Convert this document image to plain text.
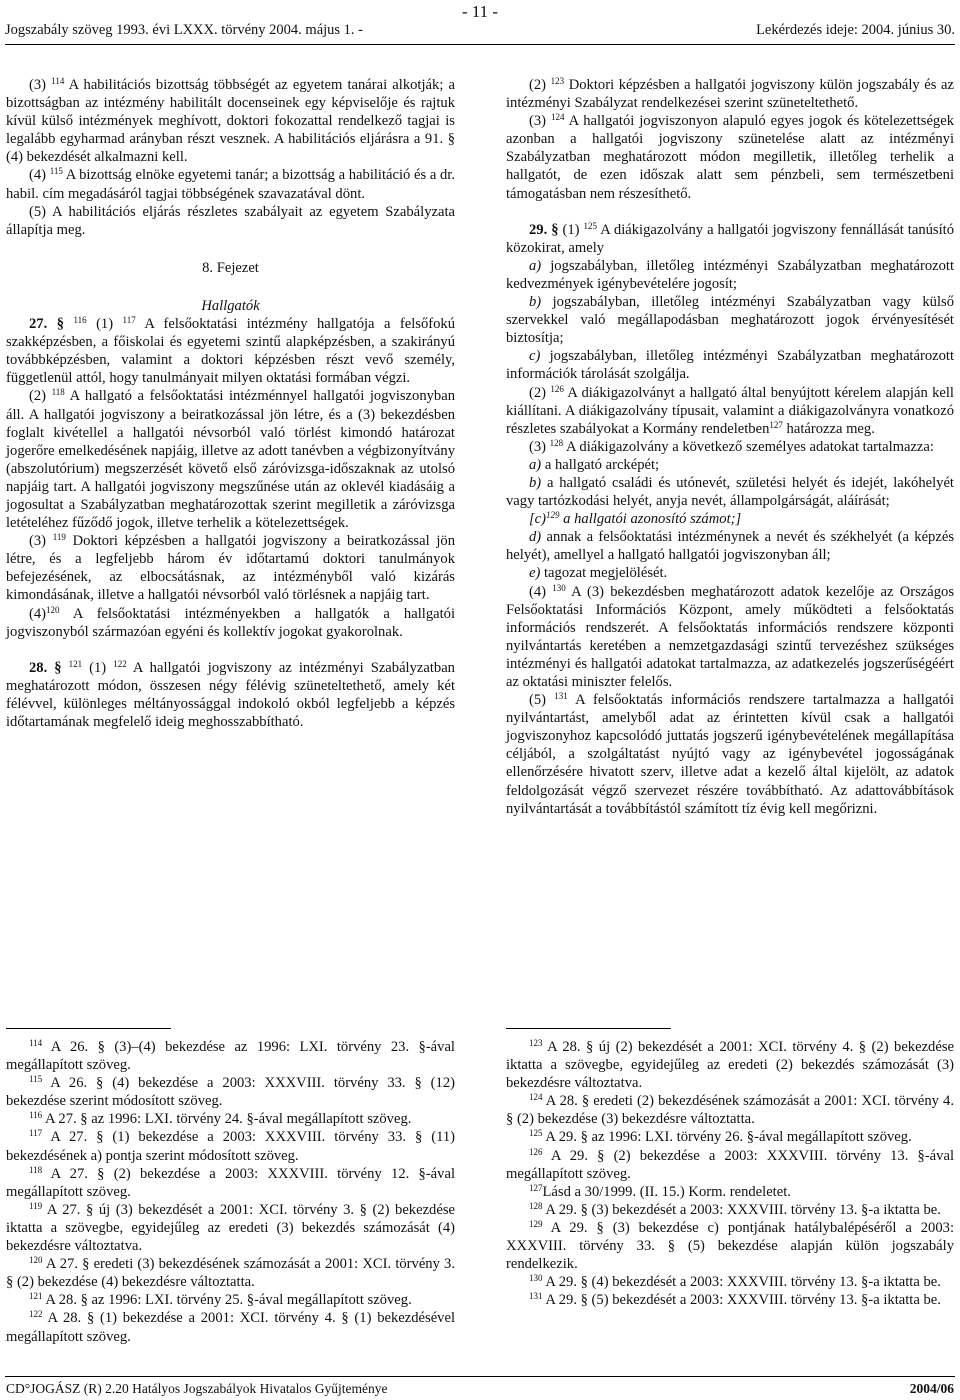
- 11 -
Jogszabály szöveg 1993. évi LXXX. törvény 2004. május 1. -	Lekérdezés ideje: 2004. június 30.

(3) $^{114}$ A habilitációs bizottság többségét az egyetem tanárai alkotják; a bizottságban az intézmény habilitált docenseinek egy képviselője és rajtuk kívül külső intézmények meghívott, doktori fokozattal rendelkező tagjai is legalább egyharmad arányban részt vesznek. A habilitációs eljárásra a 91. § (4) bekezdését alkalmazni kell.

(4) $^{115}$ A bizottság elnöke egyetemi tanár; a bizottság a habilitáció és a dr. habil. cím megadásáról tagjai többségének szavazatával dönt.

(5) A habilitációs eljárás részletes szabályait az egyetem Szabályzata állapítja meg.

8. Fejezet

Hallgatók

27. § $^{116}$ (1) $^{117}$ A felsőoktatási intézmény hallgatója a felsőfokú szakképzésben, a főiskolai és egyetemi szintű alapképzésben, a szakirányú továbbképzésben, valamint a doktori képzésben részt vevő személy, függetlenül attól, hogy tanulmányait milyen oktatási formában végzi.

(2) $^{118}$ A hallgató a felsőoktatási intézménnyel hallgatói jogviszonyban áll. A hallgatói jogviszony a beiratkozással jön létre, és a (3) bekezdésben foglalt kivétellel a hallgatói névsorból való törlést kimondó határozat jogerőre emelkedésének napjáig, illetve az adott tanévben a végbizonyítvány (abszolutórium) megszerzését követő első záróvizsga-időszaknak az utolsó napjáig tart. A hallgatói jogviszony megszűnése után az oklevél kiadásáig a jogosultat a Szabályzatban meghatározottak szerint megilletik a záróvizsga letételéhez fűződő jogok, illetve terhelik a kötelezettségek.

(3) $^{119}$ Doktori képzésben a hallgatói jogviszony a beiratkozással jön létre, és a legfeljebb három év időtartamú doktori tanulmányok befejezésének, az elbocsátásnak, az intézményből való kizárás kimondásának, illetve a hallgatói névsorból való törlésnek a napjáig tart.

$(4)^{120}$ A felsőoktatási intézményekben a hallgatók a hallgatói jogviszonyból származóan egyéni és kollektív jogokat gyakorolnak.

28. § $^{121}$ (1) $^{122}$ A hallgatói jogviszony az intézményi Szabályzatban meghatározott módon, összesen négy félévig szüneteltethető, amely két félévvel, különleges méltányossággal indokoló okból legfeljebb a képzés időtartamának megfelelő ideig meghosszabbítható.

(2) $^{123}$ Doktori képzésben a hallgatói jogviszony külön jogszabály és az intézményi Szabályzat rendelkezései szerint szüneteltethető.

(3) $^{124}$ A hallgatói jogviszonyon alapuló egyes jogok és kötelezettségek azonban a hallgatói jogviszony szünetelése alatt az intézményi Szabályzatban meghatározott módon megilletik, illetőleg terhelik a hallgatót, de ezen időszak alatt sem pénzbeli, sem természetbeni támogatásban nem részesíthető.

29. § (1) $^{125}$ A diákigazolvány a hallgatói jogviszony fennállását tanúsító közokirat, amely

a) jogszabályban, illetőleg intézményi Szabályzatban meghatározott kedvezmények igénybevételére jogosít;

b) jogszabályban, illetőleg intézményi Szabályzatban vagy külső szervekkel való megállapodásban meghatározott jogok érvényesítését biztosítja;

c) jogszabályban, illetőleg intézményi Szabályzatban meghatározott információk tárolását szolgálja.

(2) $^{126}$ A diákigazolványt a hallgató által benyújtott kérelem alapján kell kiállítani. A diákigazolvány típusait, valamint a diákigazolványra vonatkozó részletes szabályokat a Kormány rendeletben$^{127}$ határozza meg.

(3) $^{128}$ A diákigazolvány a következő személyes adatokat tartalmazza:

a) a hallgató arcképét;

b) a hallgató családi és utónevét, születési helyét és idejét, lakóhelyét vagy tartózkodási helyét, anyja nevét, állampolgárságát, aláírását;

[c)$^{129}$ a hallgatói azonosító számot;]

d) annak a felsőoktatási intézménynek a nevét és székhelyét (a képzés helyét), amellyel a hallgató hallgatói jogviszonyban áll;

e) tagozat megjelölését.

(4) $^{130}$ A (3) bekezdésben meghatározott adatok kezelője az Országos Felsőoktatási Információs Központ, amely működteti a felsőoktatás információs rendszerét. A felsőoktatás információs rendszere központi nyilvántartás keretében a nemzetgazdasági szintű tervezéshez szükséges intézményi és hallgatói adatokat tartalmazza, az adatkezelés jogszerűségéért az oktatási miniszter felelős.

(5) $^{131}$ A felsőoktatás információs rendszere tartalmazza a hallgatói nyilvántartást, amelyből adat az érintetten kívül csak a hallgatói jogviszonyhoz kapcsolódó juttatás jogszerű igénybevételének megállapítása céljából, a szolgáltatást nyújtó vagy az igénybevétel jogosságának ellenőrzésére hivatott szerv, illetve adat a kezelő által kijelölt, az adatok feldolgozását végző szervezet részére továbbítható. Az adattovábbítások nyilvántartását a továbbítástól számított tíz évig kell megőrizni.

$^{114}$ A 26. § (3)–(4) bekezdése az 1996: LXI. törvény 23. §-ával megállapított szöveg.

$^{115}$ A 26. § (4) bekezdése a 2003: XXXVIII. törvény 33. § (12) bekezdése szerint módosított szöveg.

$^{116}$ A 27. § az 1996: LXI. törvény 24. §-ával megállapított szöveg.

$^{117}$ A 27. § (1) bekezdése a 2003: XXXVIII. törvény 33. § (11) bekezdésének a) pontja szerint módosított szöveg.

$^{118}$ A 27. § (2) bekezdése a 2003: XXXVIII. törvény 12. §-ával megállapított szöveg.

$^{119}$ A 27. § új (3) bekezdését a 2001: XCI. törvény 3. § (2) bekezdése iktatta a szövegbe, egyidejűleg az eredeti (3) bekezdés számozását (4) bekezdésre változtatva.

$^{120}$ A 27. § eredeti (3) bekezdésének számozását a 2001: XCI. törvény 3. § (2) bekezdése (4) bekezdésre változtatta.

$^{121}$ A 28. § az 1996: LXI. törvény 25. §-ával megállapított szöveg.

$^{122}$ A 28. § (1) bekezdése a 2001: XCI. törvény 4. § (1) bekezdésével megállapított szöveg.

$^{123}$ A 28. § új (2) bekezdését a 2001: XCI. törvény 4. § (2) bekezdése iktatta a szövegbe, egyidejűleg az eredeti (2) bekezdés számozását (3) bekezdésre változtatva.

$^{124}$ A 28. § eredeti (2) bekezdésének számozását a 2001: XCI. törvény 4. § (2) bekezdése (3) bekezdésre változtatta.

$^{125}$ A 29. § az 1996: LXI. törvény 26. §-ával megállapított szöveg.

$^{126}$ A 29. § (2) bekezdése a 2003: XXXVIII. törvény 13. §-ával megállapított szöveg.

$^{127}$Lásd a 30/1999. (II. 15.) Korm. rendeletet.

$^{128}$ A 29. § (3) bekezdését a 2003: XXXVIII. törvény 13. §-a iktatta be.

$^{129}$ A 29. § (3) bekezdése c) pontjának hatálybalépéséről a 2003: XXXVIII. törvény 33. § (5) bekezdése alapján külön jogszabály rendelkezik.

$^{130}$ A 29. § (4) bekezdését a 2003: XXXVIII. törvény 13. §-a iktatta be.

$^{131}$ A 29. § (5) bekezdését a 2003: XXXVIII. törvény 13. §-a iktatta be.

CD°JOGÁSZ (R) 2.20 Hatályos Jogszabályok Hivatalos Gyűjteménye	2004/06
